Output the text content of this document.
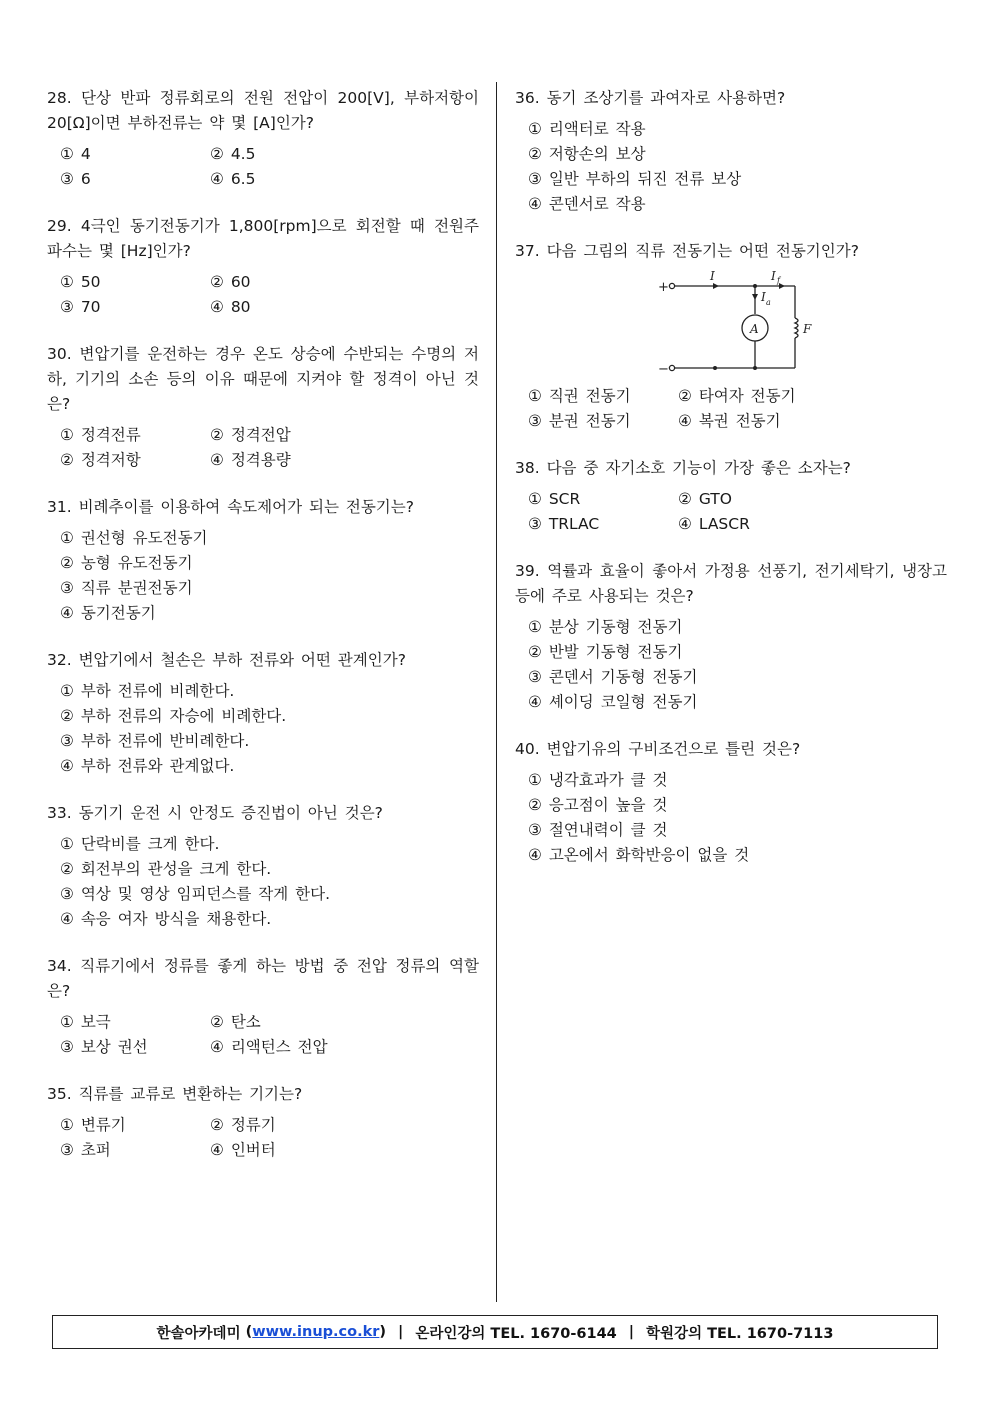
28. 단상 반파 정류회로의 전원 전압이 200[V], 부하저항이 20[Ω]이면 부하전류는 약 몇 [A]인가?
① 4	② 4.5
③ 6	④ 6.5
29. 4극인 동기전동기가 1,800[rpm]으로 회전할 때 전원주파수는 몇 [Hz]인가?
① 50	② 60
③ 70	④ 80
30. 변압기를 운전하는 경우 온도 상승에 수반되는 수명의 저하, 기기의 소손 등의 이유 때문에 지켜야 할 정격이 아닌 것은?
① 정격전류	② 정격전압
② 정격저항	④ 정격용량
31. 비례추이를 이용하여 속도제어가 되는 전동기는?
① 권선형 유도전동기
② 농형 유도전동기
③ 직류 분권전동기
④ 동기전동기
32. 변압기에서 철손은 부하 전류와 어떤 관계인가?
① 부하 전류에 비례한다.
② 부하 전류의 자승에 비례한다.
③ 부하 전류에 반비례한다.
④ 부하 전류와 관계없다.
33. 동기기 운전 시 안정도 증진법이 아닌 것은?
① 단락비를 크게 한다.
② 회전부의 관성을 크게 한다.
③ 역상 및 영상 임피던스를 작게 한다.
④ 속응 여자 방식을 채용한다.
34. 직류기에서 정류를 좋게 하는 방법 중 전압 정류의 역할은?
① 보극	② 탄소
③ 보상 권선	④ 리액턴스 전압
35. 직류를 교류로 변환하는 기기는?
① 변류기	② 정류기
③ 초퍼	④ 인버터
36. 동기 조상기를 과여자로 사용하면?
① 리액터로 작용
② 저항손의 보상
③ 일반 부하의 뒤진 전류 보상
④ 콘덴서로 작용
37. 다음 그림의 직류 전동기는 어떤 전동기인가?
+
−
I	I f
I a
A	F
① 직권 전동기	② 타여자 전동기
③ 분권 전동기	④ 복권 전동기
38. 다음 중 자기소호 기능이 가장 좋은 소자는?
① SCR	② GTO
③ TRLAC	④ LASCR
39. 역률과 효율이 좋아서 가정용 선풍기, 전기세탁기, 냉장고 등에 주로 사용되는 것은?
① 분상 기동형 전동기
② 반발 기동형 전동기
③ 콘덴서 기동형 전동기
④ 셰이딩 코일형 전동기
40. 변압기유의 구비조건으로 틀린 것은?
① 냉각효과가 클 것
② 응고점이 높을 것
③ 절연내력이 클 것
④ 고온에서 화학반응이 없을 것
한솔아카데미 ( www.inup.co.kr ) | 온라인강의 TEL. 1670-6144 | 학원강의 TEL. 1670-7113
